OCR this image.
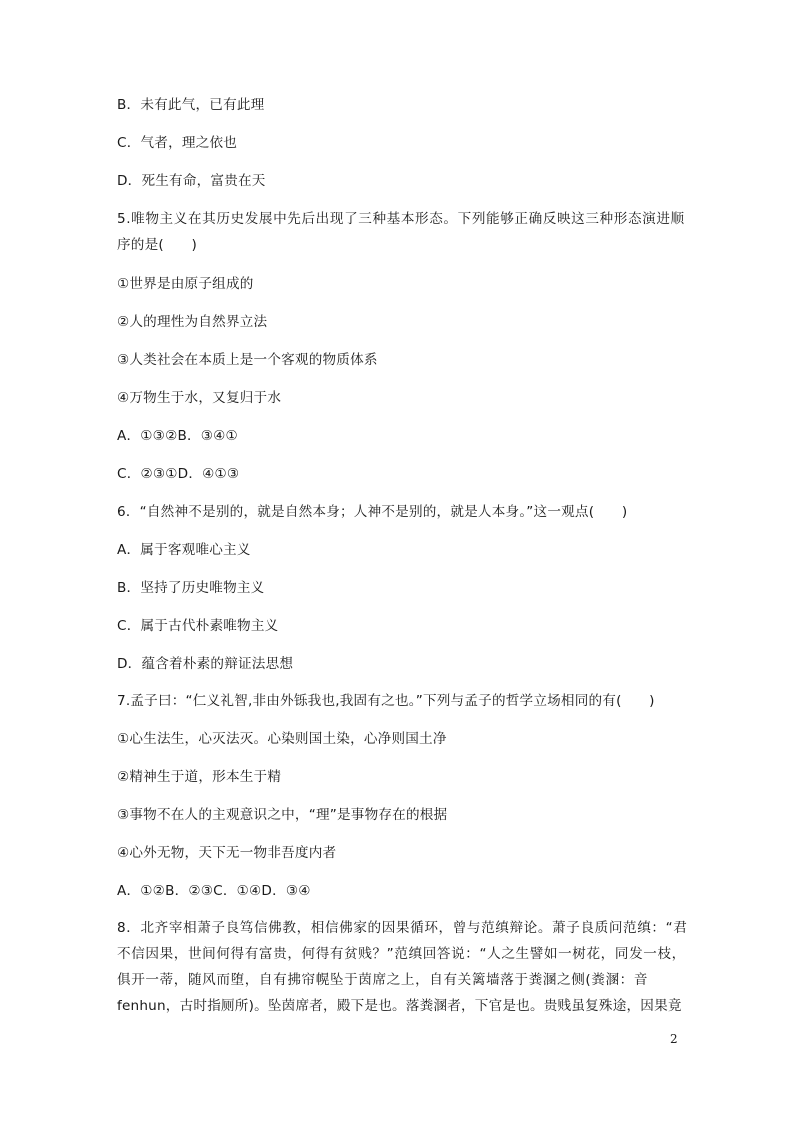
B．未有此气，已有此理
C．气者，理之依也
D．死生有命，富贵在天
5.唯物主义在其历史发展中先后出现了三种基本形态。下列能够正确反映这三种形态演进顺
序的是(　　)
①世界是由原子组成的
②人的理性为自然界立法
③人类社会在本质上是一个客观的物质体系
④万物生于水，又复归于水
A．①③②B．③④①
C．②③①D．④①③
6．“自然神不是别的，就是自然本身；人神不是别的，就是人本身。”这一观点(　　)
A．属于客观唯心主义
B．坚持了历史唯物主义
C．属于古代朴素唯物主义
D．蕴含着朴素的辩证法思想
7.孟子曰：“仁义礼智,非由外铄我也,我固有之也。”下列与孟子的哲学立场相同的有(　　)
①心生法生，心灭法灭。心染则国土染，心净则国土净
②精神生于道，形本生于精
③事物不在人的主观意识之中，“理”是事物存在的根据
④心外无物，天下无一物非吾度内者
A．①②B．②③C．①④D．③④
8．北齐宰相萧子良笃信佛教，相信佛家的因果循环，曾与范缜辩论。萧子良质问范缜：“君
不信因果，世间何得有富贵，何得有贫贱？”范缜回答说：“人之生譬如一树花，同发一枝，
俱开一蒂，随风而堕，自有拂帘幌坠于茵席之上，自有关篱墙落于粪溷之侧(粪溷：音
fenhun，古时指厕所)。坠茵席者，殿下是也。落粪溷者，下官是也。贵贱虽复殊途，因果竟
2
